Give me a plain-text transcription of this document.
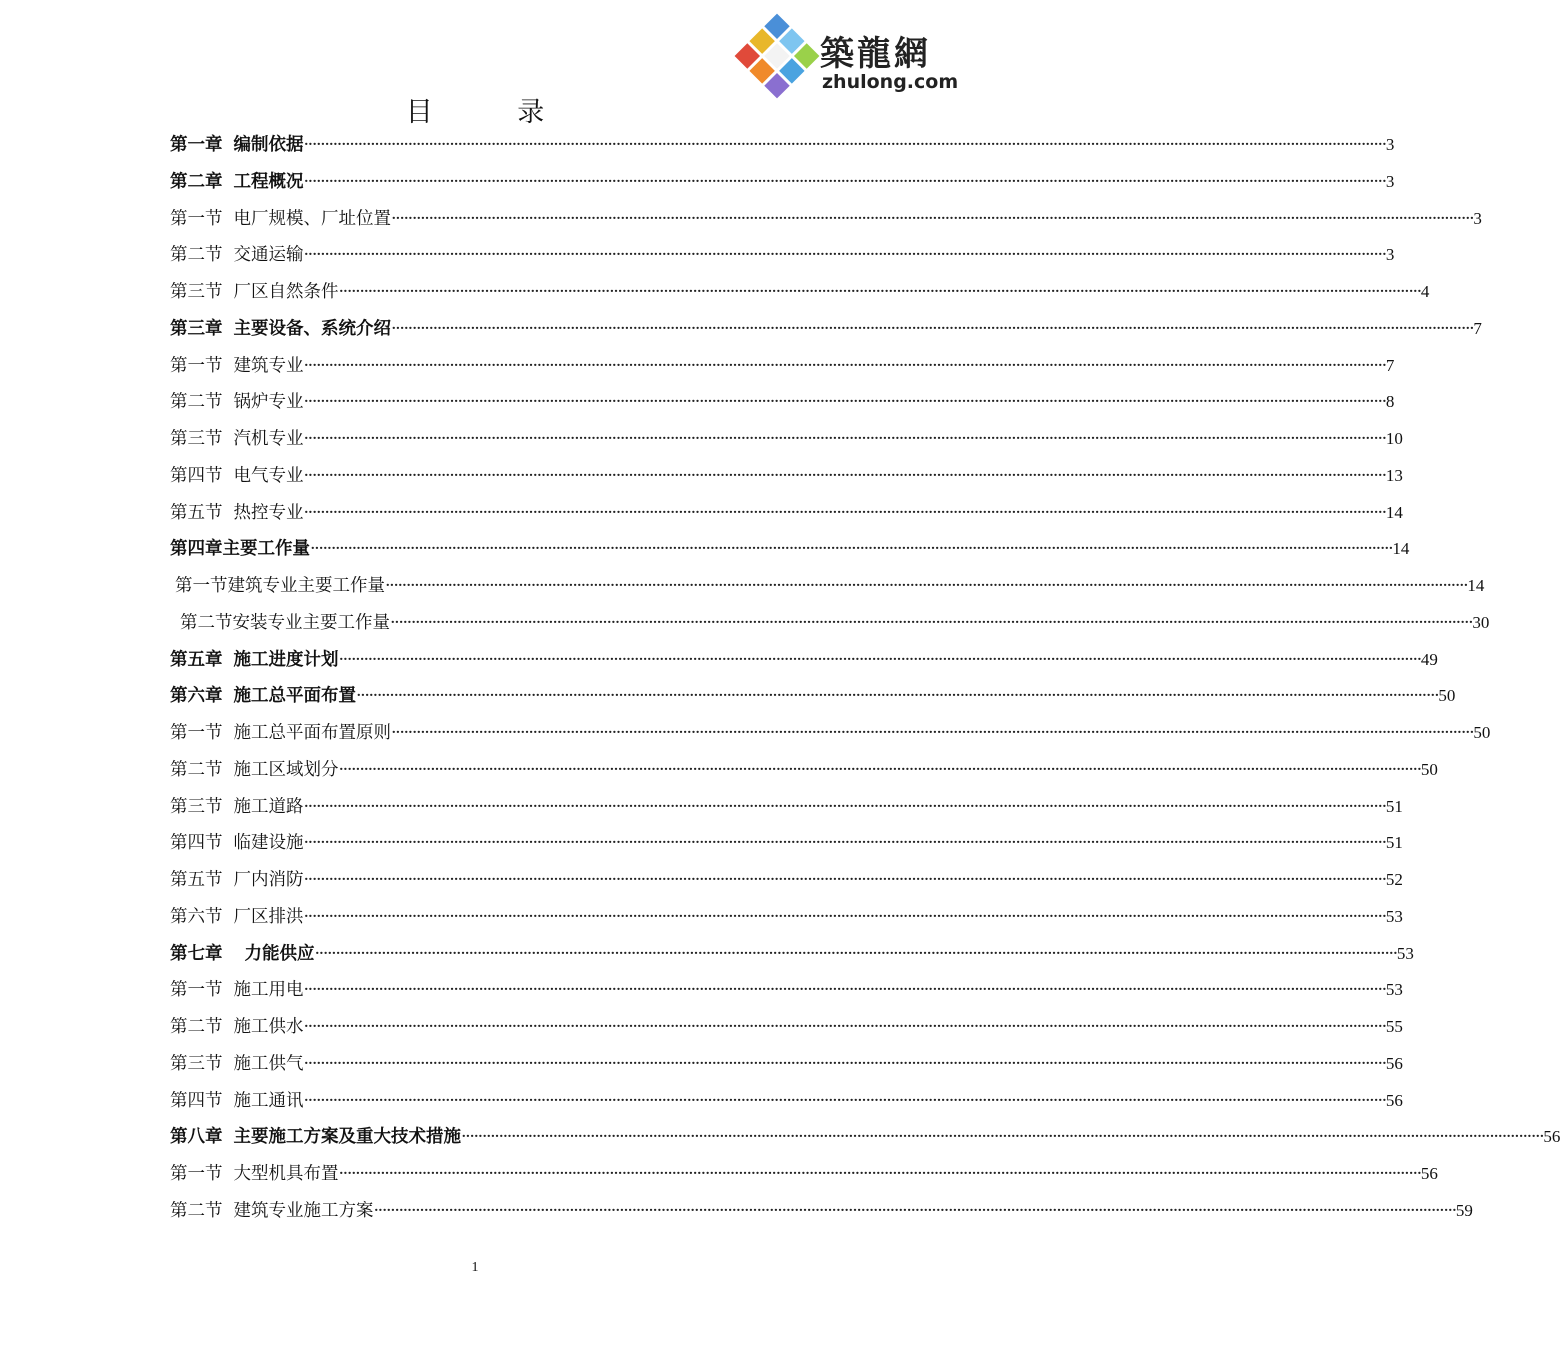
築龍網
zhulong.com
目 录
第一章 编制依据 ···································································································································································································································································· 3
第二章 工程概况 ···································································································································································································································································· 3
第一节 电厂规模、厂址位置 ···································································································································································································································································· 3
第二节 交通运输 ···································································································································································································································································· 3
第三节 厂区自然条件 ···································································································································································································································································· 4
第三章 主要设备、系统介绍 ···································································································································································································································································· 7
第一节 建筑专业 ···································································································································································································································································· 7
第二节 锅炉专业 ···································································································································································································································································· 8
第三节 汽机专业 ···································································································································································································································································· 10
第四节 电气专业 ···································································································································································································································································· 13
第五节 热控专业 ···································································································································································································································································· 14
第四章主要工作量 ···································································································································································································································································· 14
第一节建筑专业主要工作量 ···································································································································································································································································· 14
第二节安装专业主要工作量 ···································································································································································································································································· 30
第五章 施工进度计划 ···································································································································································································································································· 49
第六章 施工总平面布置 ···································································································································································································································································· 50
第一节 施工总平面布置原则 ···································································································································································································································································· 50
第二节 施工区域划分 ···································································································································································································································································· 50
第三节 施工道路 ···································································································································································································································································· 51
第四节 临建设施 ···································································································································································································································································· 51
第五节 厂内消防 ···································································································································································································································································· 52
第六节 厂区排洪 ···································································································································································································································································· 53
第七章 力能供应 ···································································································································································································································································· 53
第一节 施工用电 ···································································································································································································································································· 53
第二节 施工供水 ···································································································································································································································································· 55
第三节 施工供气 ···································································································································································································································································· 56
第四节 施工通讯 ···································································································································································································································································· 56
第八章 主要施工方案及重大技术措施 ···································································································································································································································································· 56
第一节 大型机具布置 ···································································································································································································································································· 56
第二节 建筑专业施工方案 ···································································································································································································································································· 59
1
